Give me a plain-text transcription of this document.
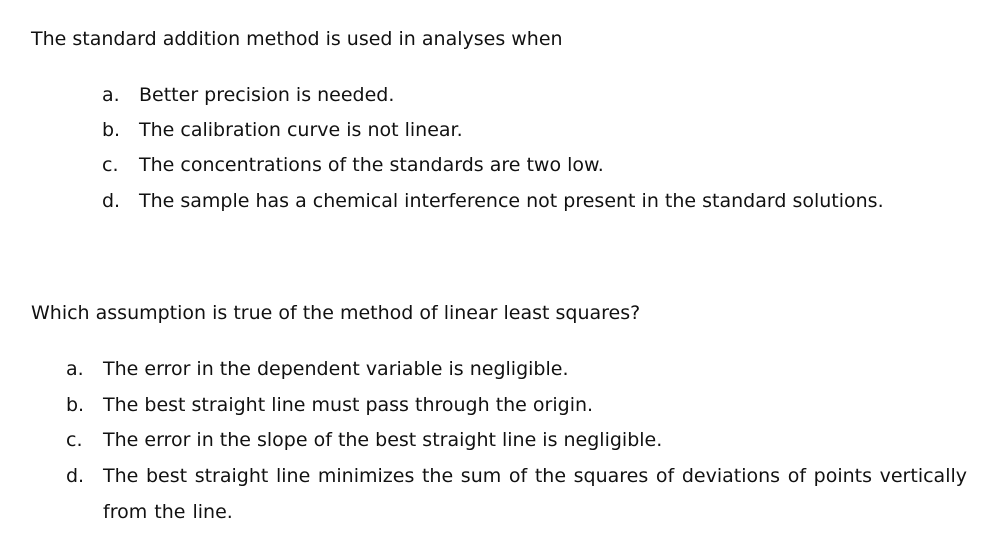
The standard addition method is used in analyses when
a. Better precision is needed.
b. The calibration curve is not linear.
c. The concentrations of the standards are two low.
d. The sample has a chemical interference not present in the standard solutions.
Which assumption is true of the method of linear least squares?
a. The error in the dependent variable is negligible.
b. The best straight line must pass through the origin.
c. The error in the slope of the best straight line is negligible.
d. The best straight line minimizes the sum of the squares of deviations of points vertically from the line.
